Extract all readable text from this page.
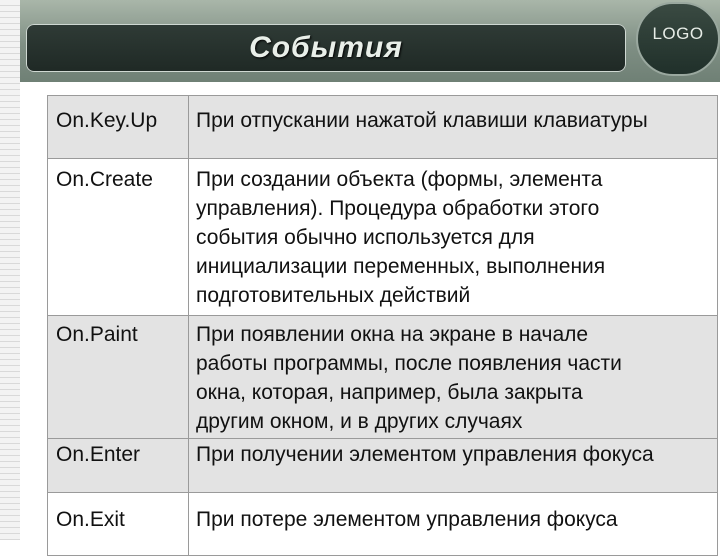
События	LOGO
On.Key.Up	При отпускании нажатой клавиши клавиатуры

On.Create	При создании объекта (формы, элемента
управления). Процедура обработки этого
события обычно используется для
инициализации переменных, выполнения
подготовительных действий

On.Paint	При появлении окна на экране в начале
работы программы, после появления части
окна, которая, например, была закрыта
другим окном, и в других случаях

On.Enter	При получении элементом управления фокуса

On.Exit	При потере элементом управления фокуса
